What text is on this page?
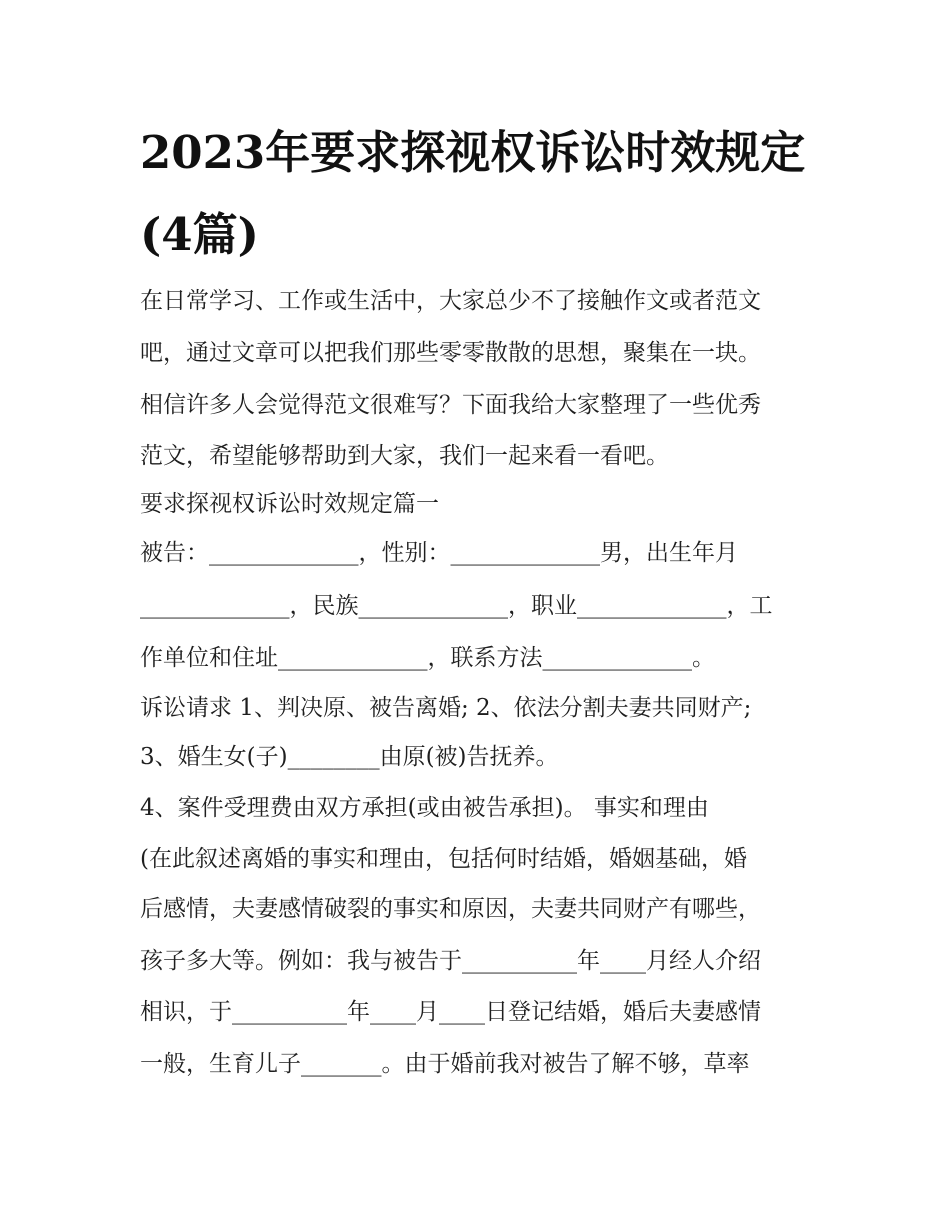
2023年要求探视权诉讼时效规定(4篇)

在日常学习、工作或生活中，大家总少不了接触作文或者范文

吧，通过文章可以把我们那些零零散散的思想，聚集在一块。

相信许多人会觉得范文很难写？下面我给大家整理了一些优秀

范文，希望能够帮助到大家，我们一起来看一看吧。

要求探视权诉讼时效规定篇一

被告：_____________，性别：_____________男，出生年月

_____________，民族_____________，职业_____________，工

作单位和住址_____________，联系方法_____________。

诉讼请求 1、判决原、被告离婚; 2、依法分割夫妻共同财产;

3、婚生女(子)________由原(被)告抚养。

4、案件受理费由双方承担(或由被告承担)。 事实和理由

(在此叙述离婚的事实和理由，包括何时结婚，婚姻基础，婚

后感情，夫妻感情破裂的事实和原因，夫妻共同财产有哪些，

孩子多大等。例如：我与被告于__________年____月经人介绍

相识，于__________年____月____日登记结婚，婚后夫妻感情

一般，生育儿子_______。由于婚前我对被告了解不够，草率
